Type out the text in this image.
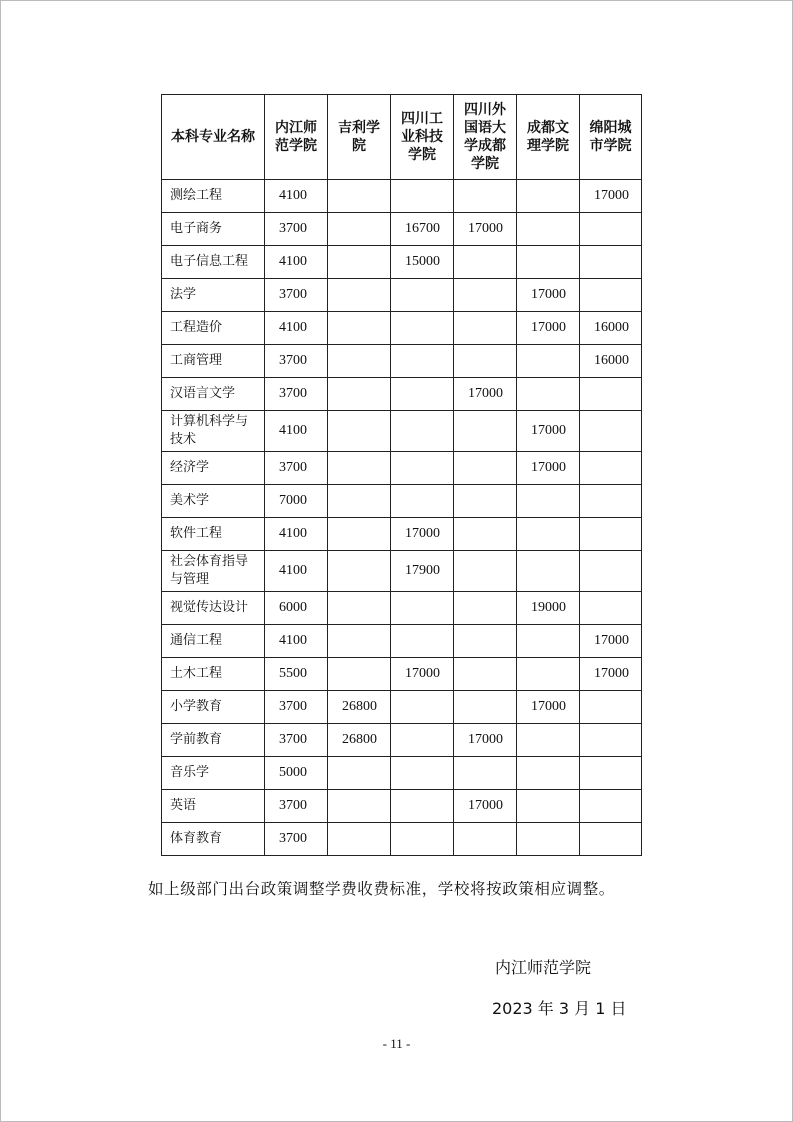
本科专业名称	内江师范学院	吉利学院	四川工业科技学院	四川外国语大学成都学院	成都文理学院	绵阳城市学院

测绘工程	4100					17000
电子商务	3700		16700	17000		
电子信息工程	4100		15000			
法学	3700				17000	
工程造价	4100				17000	16000
工商管理	3700					16000
汉语言文学	3700			17000		
计算机科学与技术	4100				17000	
经济学	3700				17000	
美术学	7000					
软件工程	4100		17000			
社会体育指导与管理	4100		17900			
视觉传达设计	6000				19000	
通信工程	4100					17000
土木工程	5500		17000			17000
小学教育	3700	26800			17000	
学前教育	3700	26800		17000		
音乐学	5000					
英语	3700			17000		
体育教育	3700					
如上级部门出台政策调整学费收费标准，学校将按政策相应调整。
内江师范学院
2023 年 3 月 1 日
- 11 -
